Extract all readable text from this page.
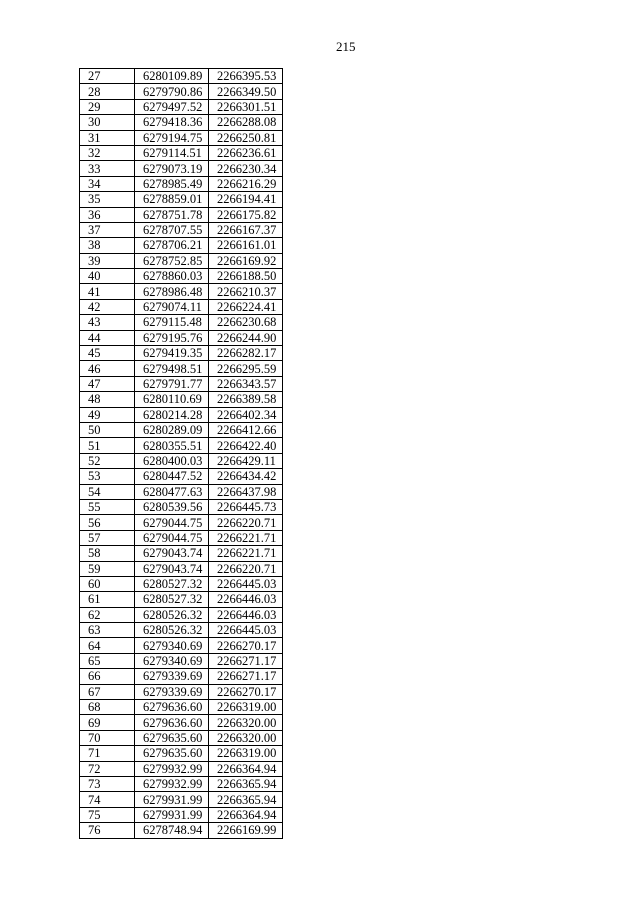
215
27	6280109.89	2266395.53
28	6279790.86	2266349.50
29	6279497.52	2266301.51
30	6279418.36	2266288.08
31	6279194.75	2266250.81
32	6279114.51	2266236.61
33	6279073.19	2266230.34
34	6278985.49	2266216.29
35	6278859.01	2266194.41
36	6278751.78	2266175.82
37	6278707.55	2266167.37
38	6278706.21	2266161.01
39	6278752.85	2266169.92
40	6278860.03	2266188.50
41	6278986.48	2266210.37
42	6279074.11	2266224.41
43	6279115.48	2266230.68
44	6279195.76	2266244.90
45	6279419.35	2266282.17
46	6279498.51	2266295.59
47	6279791.77	2266343.57
48	6280110.69	2266389.58
49	6280214.28	2266402.34
50	6280289.09	2266412.66
51	6280355.51	2266422.40
52	6280400.03	2266429.11
53	6280447.52	2266434.42
54	6280477.63	2266437.98
55	6280539.56	2266445.73
56	6279044.75	2266220.71
57	6279044.75	2266221.71
58	6279043.74	2266221.71
59	6279043.74	2266220.71
60	6280527.32	2266445.03
61	6280527.32	2266446.03
62	6280526.32	2266446.03
63	6280526.32	2266445.03
64	6279340.69	2266270.17
65	6279340.69	2266271.17
66	6279339.69	2266271.17
67	6279339.69	2266270.17
68	6279636.60	2266319.00
69	6279636.60	2266320.00
70	6279635.60	2266320.00
71	6279635.60	2266319.00
72	6279932.99	2266364.94
73	6279932.99	2266365.94
74	6279931.99	2266365.94
75	6279931.99	2266364.94
76	6278748.94	2266169.99
